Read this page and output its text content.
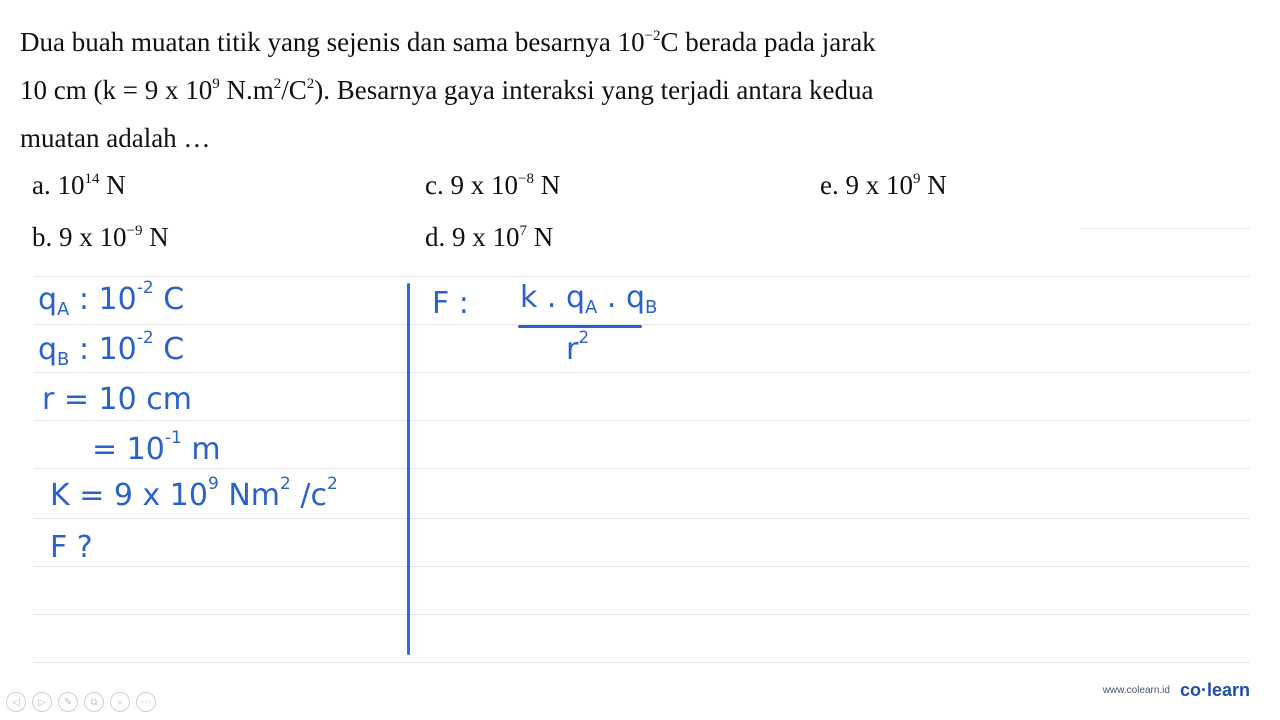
Dua buah muatan titik yang sejenis dan sama besarnya $10^{-2}C$ berada pada jarak
10 cm (k = 9 x $10^9$ $N.m^2/C^2$). Besarnya gaya interaksi yang terjadi antara kedua
muatan adalah …
a. $10^{14}$ N
b. 9 x $10^{-9}$ N
c. 9 x $10^{-8}$ N
d. 9 x $10^7$ N
e. 9 x $10^9$ N
$q_A$ : $10^{-2}$ C
$q_B$ : $10^{-2}$ C
r = 10 cm
= $10^{-1}$ m
K = 9 x $10^9$ Nm$^2$ $/c^2$
F ?
F : k . $q_A$ . $q_B$
$r^2$
◁	▷	✎	⧉	⌕	⋯
www.colearn.id co·learn
